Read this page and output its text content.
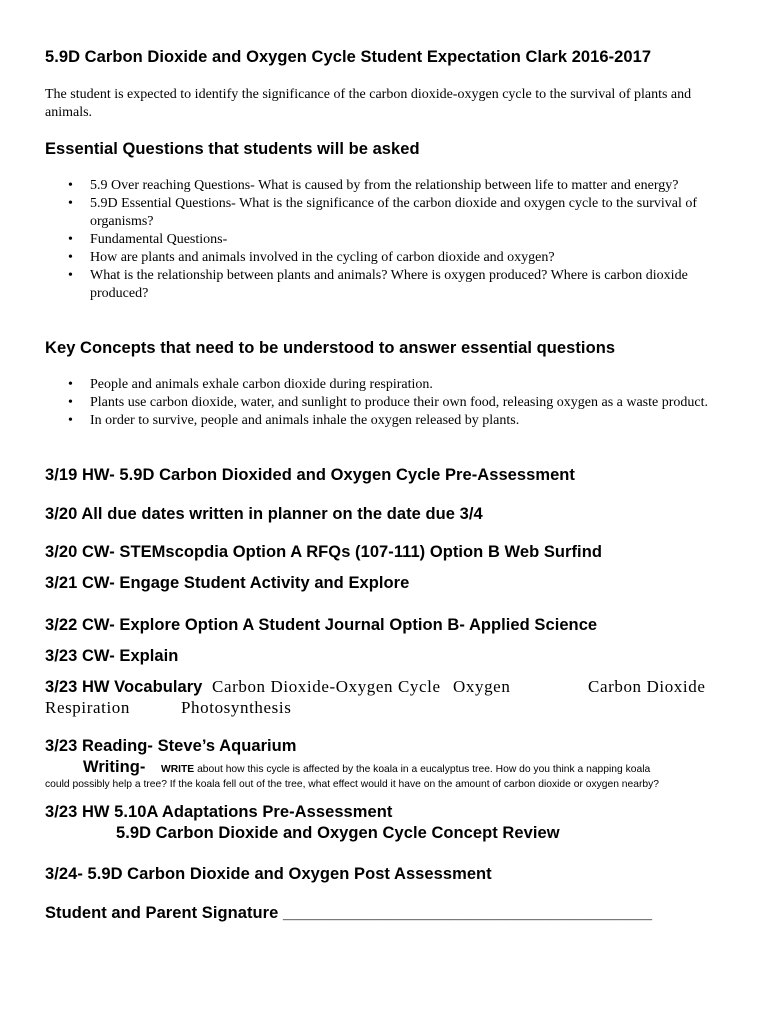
5.9D Carbon Dioxide and Oxygen Cycle Student Expectation Clark 2016-2017

The student is expected to identify the significance of the carbon dioxide-oxygen cycle to the survival of plants and animals.

Essential Questions that students will be asked

• 5.9 Over reaching Questions- What is caused by from the relationship between life to matter and energy?
• 5.9D Essential Questions- What is the significance of the carbon dioxide and oxygen cycle to the survival of organisms?
• Fundamental Questions-
• How are plants and animals involved in the cycling of carbon dioxide and oxygen?
• What is the relationship between plants and animals? Where is oxygen produced? Where is carbon dioxide produced?

Key Concepts that need to be understood to answer essential questions

• People and animals exhale carbon dioxide during respiration.
• Plants use carbon dioxide, water, and sunlight to produce their own food, releasing oxygen as a waste product.
• In order to survive, people and animals inhale the oxygen released by plants.

3/19 HW- 5.9D Carbon Dioxided and Oxygen Cycle Pre-Assessment

3/20 All due dates written in planner on the date due 3/4

3/20 CW- STEMscopdia Option A RFQs (107-111) Option B Web Surfind

3/21 CW- Engage Student Activity and Explore

3/22 CW- Explore Option A Student Journal Option B- Applied Science

3/23 CW- Explain

3/23 HW Vocabulary Carbon Dioxide-Oxygen Cycle Oxygen	Carbon Dioxide
Respiration	Photosynthesis

3/23 Reading- Steve’s Aquarium

Writing- WRITE about how this cycle is affected by the koala in a eucalyptus tree. How do you think a napping koala

could possibly help a tree? If the koala fell out of the tree, what effect would it have on the amount of carbon dioxide or oxygen nearby?

3/23 HW 5.10A Adaptations Pre-Assessment

5.9D Carbon Dioxide and Oxygen Cycle Concept Review

3/24- 5.9D Carbon Dioxide and Oxygen Post Assessment

Student and Parent Signature ________________________________________
